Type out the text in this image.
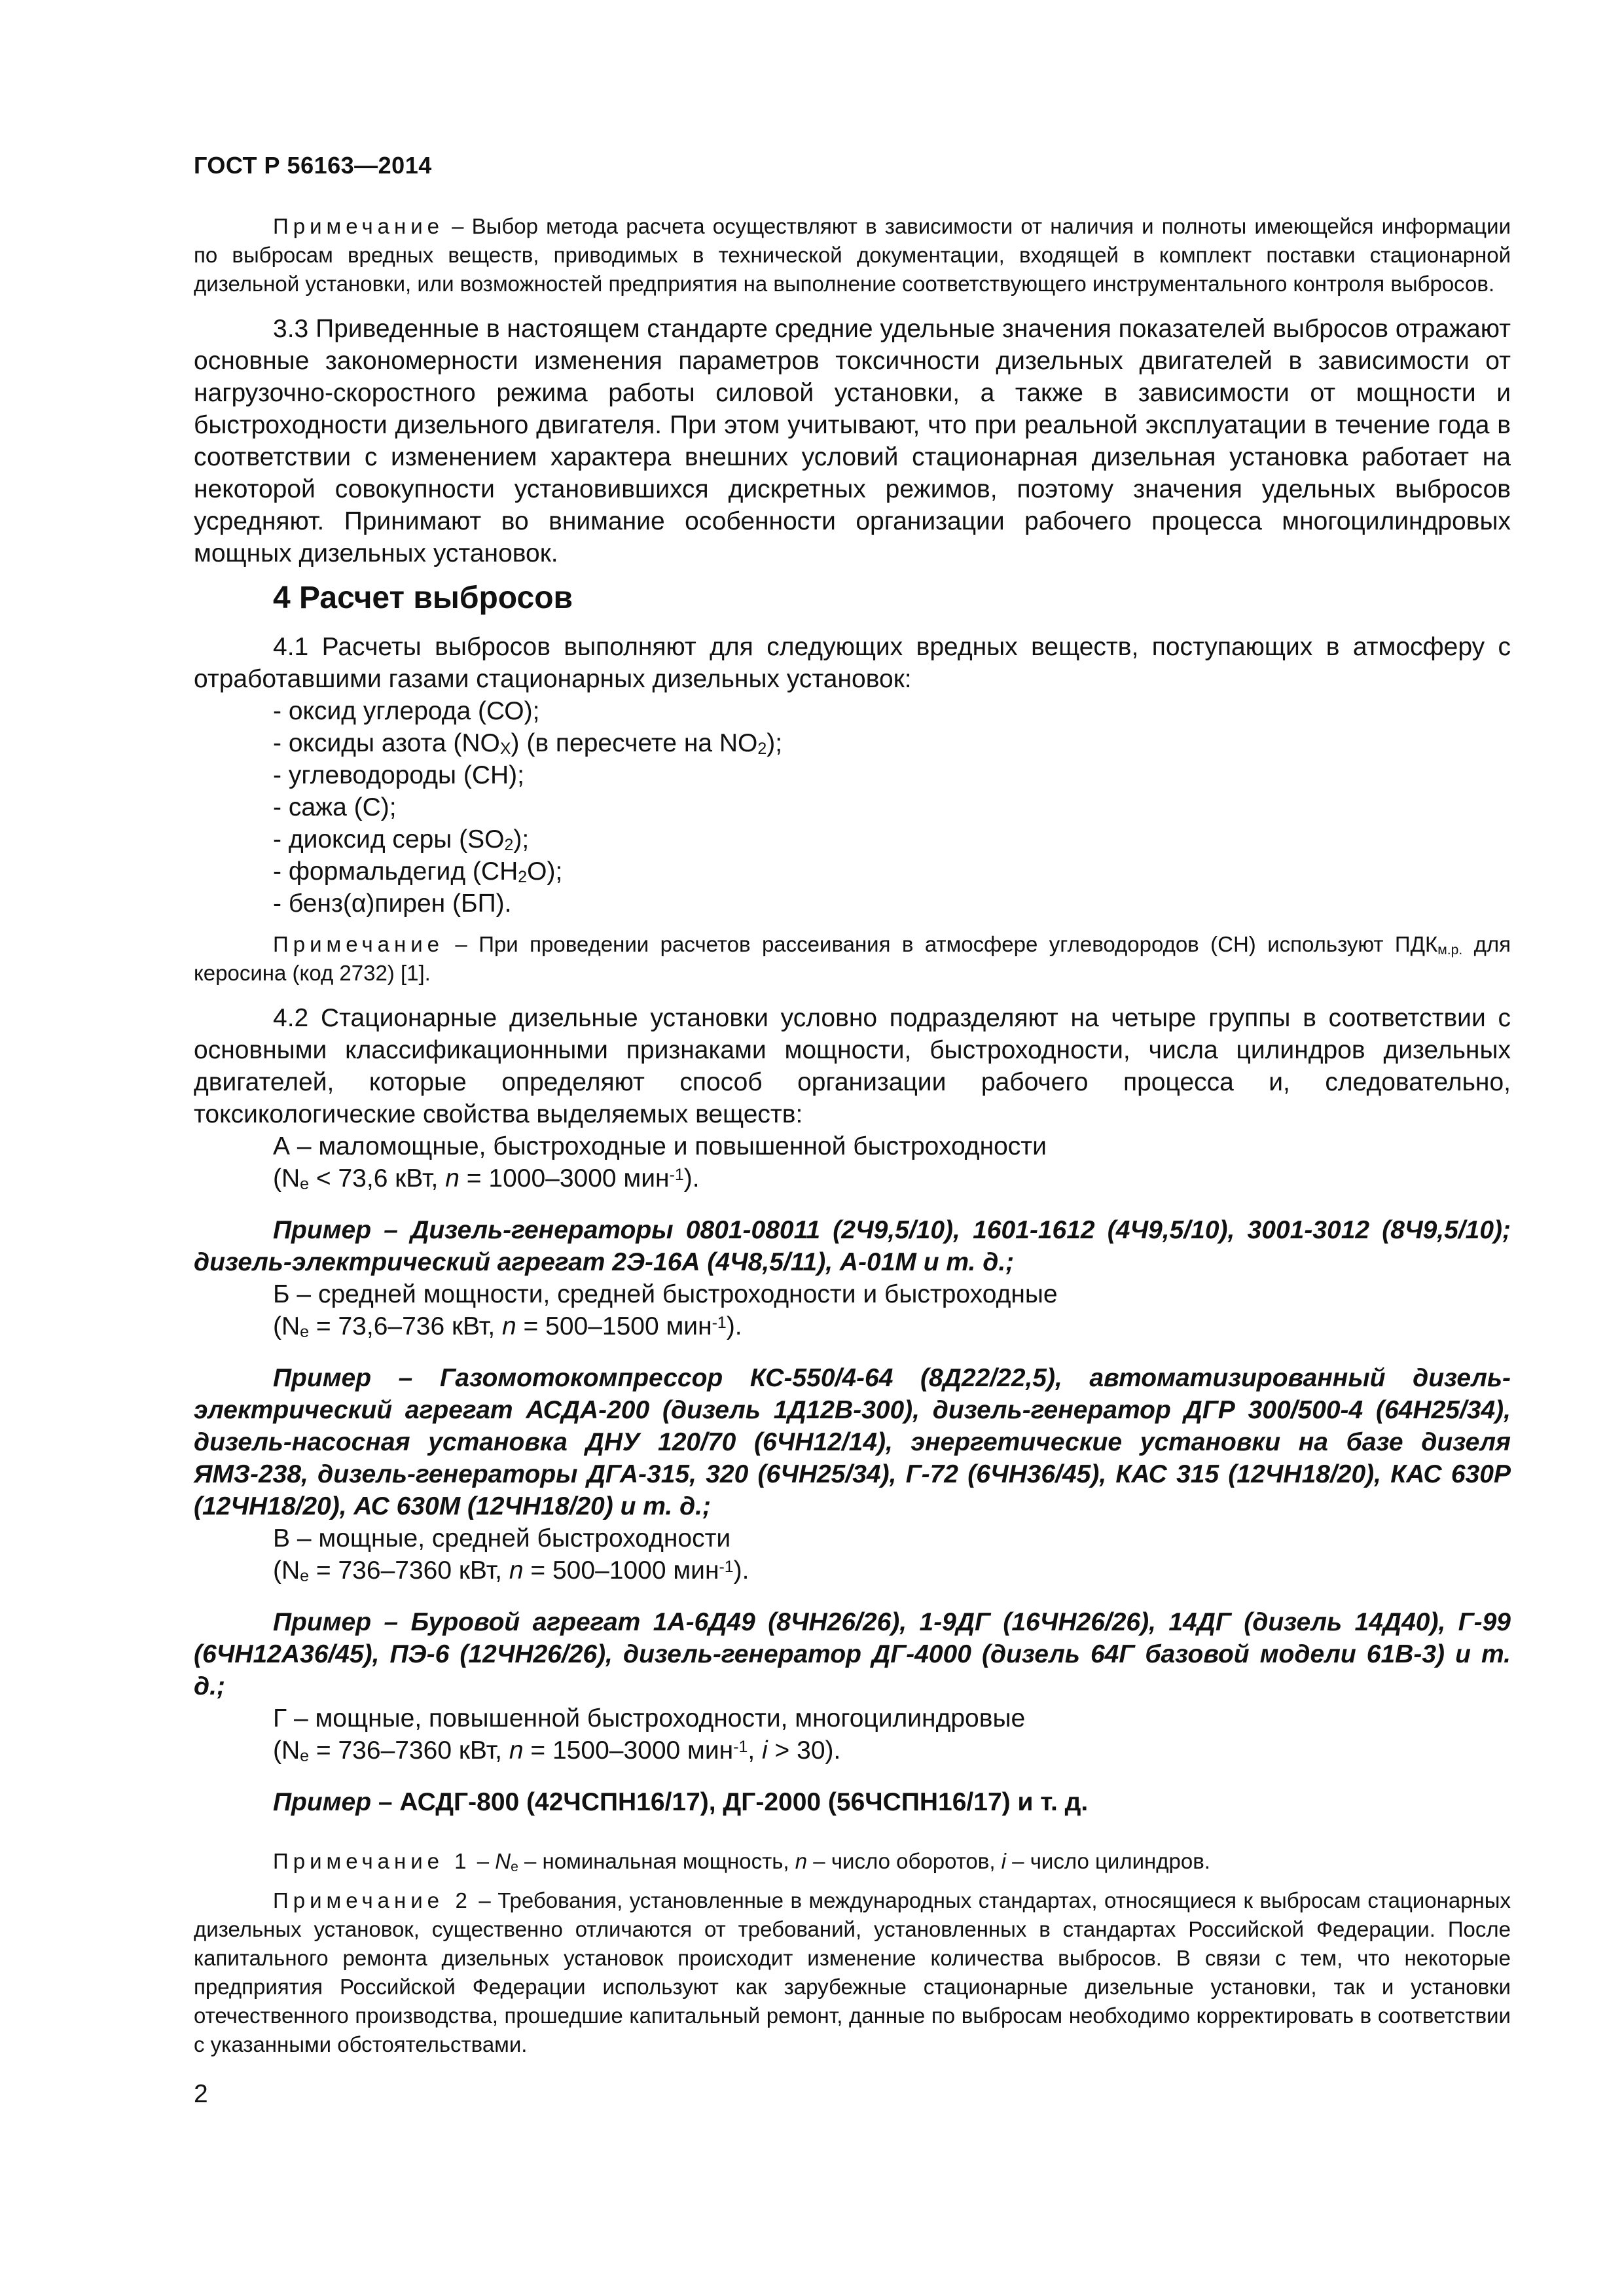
ГОСТ Р 56163—2014

Примечание – Выбор метода расчета осуществляют в зависимости от наличия и полноты имеющейся информации по выбросам вредных веществ, приводимых в технической документации, входящей в комплект поставки стационарной дизельной установки, или возможностей предприятия на выполнение соответствующего инструментального контроля выбросов.

3.3 Приведенные в настоящем стандарте средние удельные значения показателей выбросов отражают основные закономерности изменения параметров токсичности дизельных двигателей в зависимости от нагрузочно-скоростного режима работы силовой установки, а также в зависимости от мощности и быстроходности дизельного двигателя. При этом учитывают, что при реальной эксплуатации в течение года в соответствии с изменением характера внешних условий стационарная дизельная установка работает на некоторой совокупности установившихся дискретных режимов, поэтому значения удельных выбросов усредняют. Принимают во внимание особенности организации рабочего процесса многоцилиндровых мощных дизельных установок.

4 Расчет выбросов

4.1 Расчеты выбросов выполняют для следующих вредных веществ, поступающих в атмосферу с отработавшими газами стационарных дизельных установок:

- оксид углерода (СО);
- оксиды азота $(NO_X)$ (в пересчете на $NO_2$);
- углеводороды (СН);
- сажа (С);
- диоксид серы $(SO_2)$;
- формальдегид $(CH_2O)$;
- бенз(α)пирен (БП).

Примечание – При проведении расчетов рассеивания в атмосфере углеводородов (СН) используют $ПДК_{м.р.}$ для керосина (код 2732) [1].

4.2 Стационарные дизельные установки условно подразделяют на четыре группы в соответствии с основными классификационными признаками мощности, быстроходности, числа цилиндров дизельных двигателей, которые определяют способ организации рабочего процесса и, следовательно, токсикологические свойства выделяемых веществ:

А – маломощные, быстроходные и повышенной быстроходности
($N_e < 73,6$ кВт, n = 1000–3000 мин$^{-1}$).

Пример – Дизель-генераторы 0801-08011 (2Ч9,5/10), 1601-1612 (4Ч9,5/10), 3001-3012 (8Ч9,5/10); дизель-электрический агрегат 2Э-16А (4Ч8,5/11), А-01М и т. д.;

Б – средней мощности, средней быстроходности и быстроходные
($N_e = 73,6-736$ кВт, n = 500–1500 мин$^{-1}$).

Пример – Газомотокомпрессор КС-550/4-64 (8Д22/22,5), автоматизированный дизель-электрический агрегат АСДА-200 (дизель 1Д12В-300), дизель-генератор ДГР 300/500-4 (64Н25/34), дизель-насосная установка ДНУ 120/70 (6ЧН12/14), энергетические установки на базе дизеля ЯМЗ-238, дизель-генераторы ДГА-315, 320 (6ЧН25/34), Г-72 (6ЧН36/45), КАС 315 (12ЧН18/20), КАС 630Р (12ЧН18/20), АС 630М (12ЧН18/20) и т. д.;

В – мощные, средней быстроходности
($N_e = 736-7360$ кВт, n = 500–1000 мин$^{-1}$).

Пример – Буровой агрегат 1А-6Д49 (8ЧН26/26), 1-9ДГ (16ЧН26/26), 14ДГ (дизель 14Д40), Г-99 (6ЧН12А36/45), ПЭ-6 (12ЧН26/26), дизель-генератор ДГ-4000 (дизель 64Г базовой модели 61В-3) и т. д.;

Г – мощные, повышенной быстроходности, многоцилиндровые
($N_e = 736-7360$ кВт, n = 1500–3000 мин$^{-1}$, i > 30).

Пример – АСДГ-800 (42ЧСПН16/17), ДГ-2000 (56ЧСПН16/17) и т. д.

Примечание $1 - N_e$ – номинальная мощность, n – число оборотов, i – число цилиндров.

Примечание 2 – Требования, установленные в международных стандартах, относящиеся к выбросам стационарных дизельных установок, существенно отличаются от требований, установленных в стандартах Российской Федерации. После капитального ремонта дизельных установок происходит изменение количества выбросов. В связи с тем, что некоторые предприятия Российской Федерации используют как зарубежные стационарные дизельные установки, так и установки отечественного производства, прошедшие капитальный ремонт, данные по выбросам необходимо корректировать в соответствии с указанными обстоятельствами.

2
